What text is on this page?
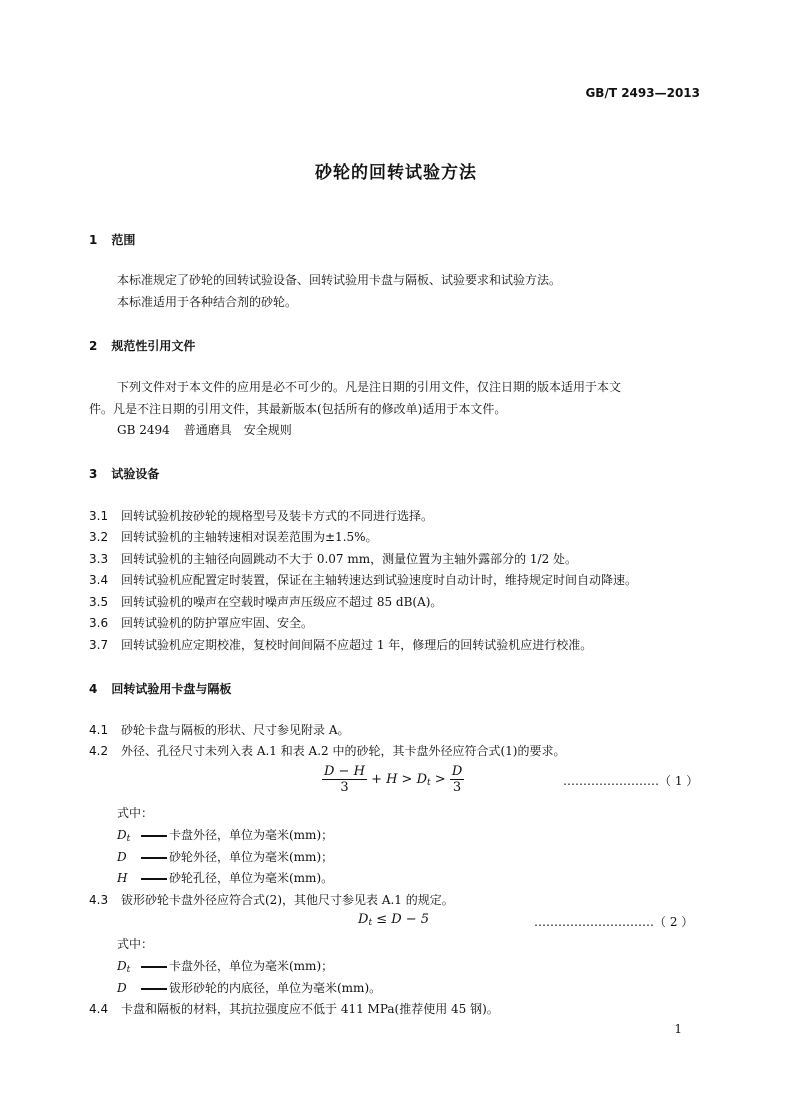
GB/T 2493—2013
砂轮的回转试验方法
1 范围
本标准规定了砂轮的回转试验设备、回转试验用卡盘与隔板、试验要求和试验方法。
本标准适用于各种结合剂的砂轮。
2 规范性引用文件
下列文件对于本文件的应用是必不可少的。凡是注日期的引用文件，仅注日期的版本适用于本文
件。凡是不注日期的引用文件，其最新版本(包括所有的修改单)适用于本文件。
GB 2494 普通磨具　安全规则
3 试验设备
3.1 回转试验机按砂轮的规格型号及装卡方式的不同进行选择。
3.2 回转试验机的主轴转速相对误差范围为±1.5%。
3.3 回转试验机的主轴径向圆跳动不大于 0.07 mm，测量位置为主轴外露部分的 1/2 处。
3.4 回转试验机应配置定时装置，保证在主轴转速达到试验速度时自动计时，维持规定时间自动降速。
3.5 回转试验机的噪声在空载时噪声声压级应不超过 85 dB(A)。
3.6 回转试验机的防护罩应牢固、安全。
3.7 回转试验机应定期校准，复校时间间隔不应超过 1 年，修理后的回转试验机应进行校准。
4 回转试验用卡盘与隔板
4.1 砂轮卡盘与隔板的形状、尺寸参见附录 A。
4.2 外径、孔径尺寸未列入表 A.1 和表 A.2 中的砂轮，其卡盘外径应符合式(1)的要求。
$\frac{D - H}{3} + H > D_t > \frac{D}{3}$	……………………（ 1 ）
式中：
$D_t$	卡盘外径，单位为毫米(mm)；
D	砂轮外径，单位为毫米(mm)；
H	砂轮孔径，单位为毫米(mm)。
4.3 钹形砂轮卡盘外径应符合式(2)，其他尺寸参见表 A.1 的规定。
$D_t \le D - 5$	…………………………（ 2 ）
式中：
$D_t$	卡盘外径，单位为毫米(mm)；
D	钹形砂轮的内底径，单位为毫米(mm)。
4.4 卡盘和隔板的材料，其抗拉强度应不低于 411 MPa(推荐使用 45 钢)。
1
